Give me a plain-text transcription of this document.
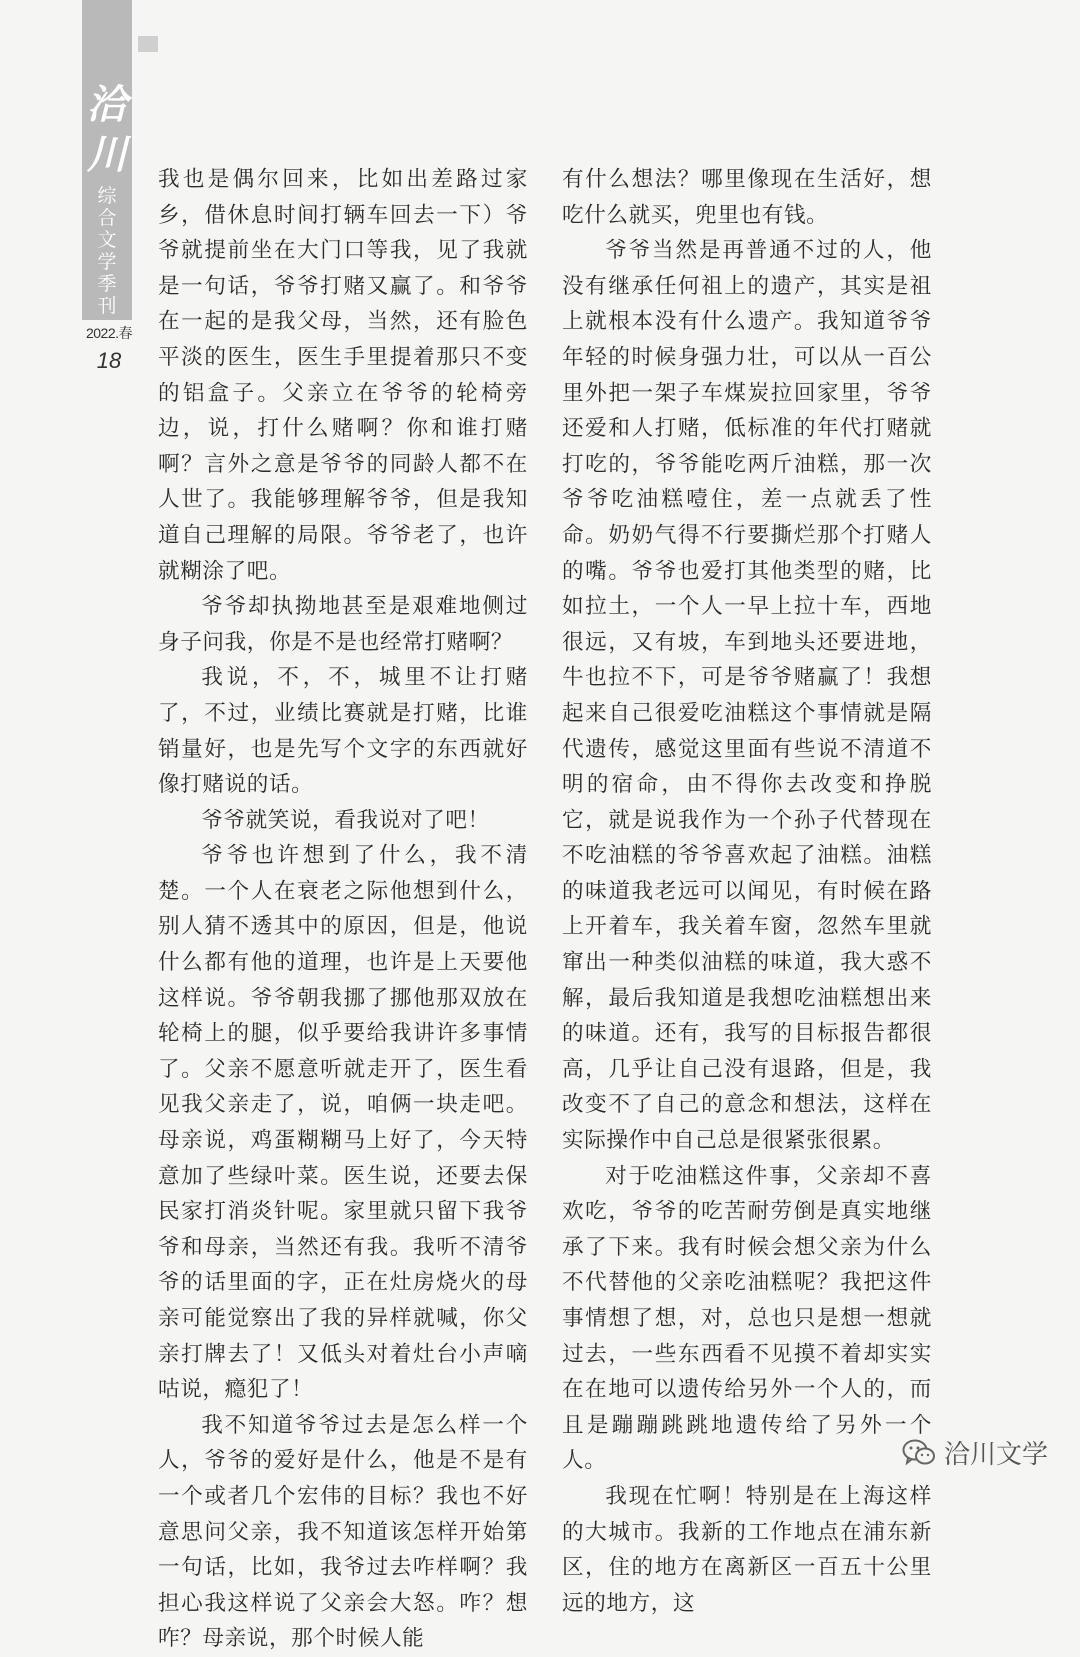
洽川
综合文学季刊
2022.春
18

我也是偶尔回来，比如出差路过家乡，借休息时间打辆车回去一下）爷爷就提前坐在大门口等我，见了我就是一句话，爷爷打赌又赢了。和爷爷在一起的是我父母，当然，还有脸色平淡的医生，医生手里提着那只不变的铝盒子。父亲立在爷爷的轮椅旁边，说，打什么赌啊？你和谁打赌啊？言外之意是爷爷的同龄人都不在人世了。我能够理解爷爷，但是我知道自己理解的局限。爷爷老了，也许就糊涂了吧。

爷爷却执拗地甚至是艰难地侧过身子问我，你是不是也经常打赌啊？

我说，不，不，城里不让打赌了，不过，业绩比赛就是打赌，比谁销量好，也是先写个文字的东西就好像打赌说的话。

爷爷就笑说，看我说对了吧！

爷爷也许想到了什么，我不清楚。一个人在衰老之际他想到什么，别人猜不透其中的原因，但是，他说什么都有他的道理，也许是上天要他这样说。爷爷朝我挪了挪他那双放在轮椅上的腿，似乎要给我讲许多事情了。父亲不愿意听就走开了，医生看见我父亲走了，说，咱俩一块走吧。母亲说，鸡蛋糊糊马上好了，今天特意加了些绿叶菜。医生说，还要去保民家打消炎针呢。家里就只留下我爷爷和母亲，当然还有我。我听不清爷爷的话里面的字，正在灶房烧火的母亲可能觉察出了我的异样就喊，你父亲打牌去了！又低头对着灶台小声嘀咕说，瘾犯了！

我不知道爷爷过去是怎么样一个人，爷爷的爱好是什么，他是不是有一个或者几个宏伟的目标？我也不好意思问父亲，我不知道该怎样开始第一句话，比如，我爷过去咋样啊？我担心我这样说了父亲会大怒。咋？想咋？母亲说，那个时候人能

有什么想法？哪里像现在生活好，想吃什么就买，兜里也有钱。

爷爷当然是再普通不过的人，他没有继承任何祖上的遗产，其实是祖上就根本没有什么遗产。我知道爷爷年轻的时候身强力壮，可以从一百公里外把一架子车煤炭拉回家里，爷爷还爱和人打赌，低标准的年代打赌就打吃的，爷爷能吃两斤油糕，那一次爷爷吃油糕噎住，差一点就丢了性命。奶奶气得不行要撕烂那个打赌人的嘴。爷爷也爱打其他类型的赌，比如拉土，一个人一早上拉十车，西地很远，又有坡，车到地头还要进地，牛也拉不下，可是爷爷赌赢了！我想起来自己很爱吃油糕这个事情就是隔代遗传，感觉这里面有些说不清道不明的宿命，由不得你去改变和挣脱它，就是说我作为一个孙子代替现在不吃油糕的爷爷喜欢起了油糕。油糕的味道我老远可以闻见，有时候在路上开着车，我关着车窗，忽然车里就窜出一种类似油糕的味道，我大惑不解，最后我知道是我想吃油糕想出来的味道。还有，我写的目标报告都很高，几乎让自己没有退路，但是，我改变不了自己的意念和想法，这样在实际操作中自己总是很紧张很累。

对于吃油糕这件事，父亲却不喜欢吃，爷爷的吃苦耐劳倒是真实地继承了下来。我有时候会想父亲为什么不代替他的父亲吃油糕呢？我把这件事情想了想，对，总也只是想一想就过去，一些东西看不见摸不着却实实在在地可以遗传给另外一个人的，而且是蹦蹦跳跳地遗传给了另外一个人。

我现在忙啊！特别是在上海这样的大城市。我新的工作地点在浦东新区，住的地方在离新区一百五十公里远的地方，这

洽川文学
